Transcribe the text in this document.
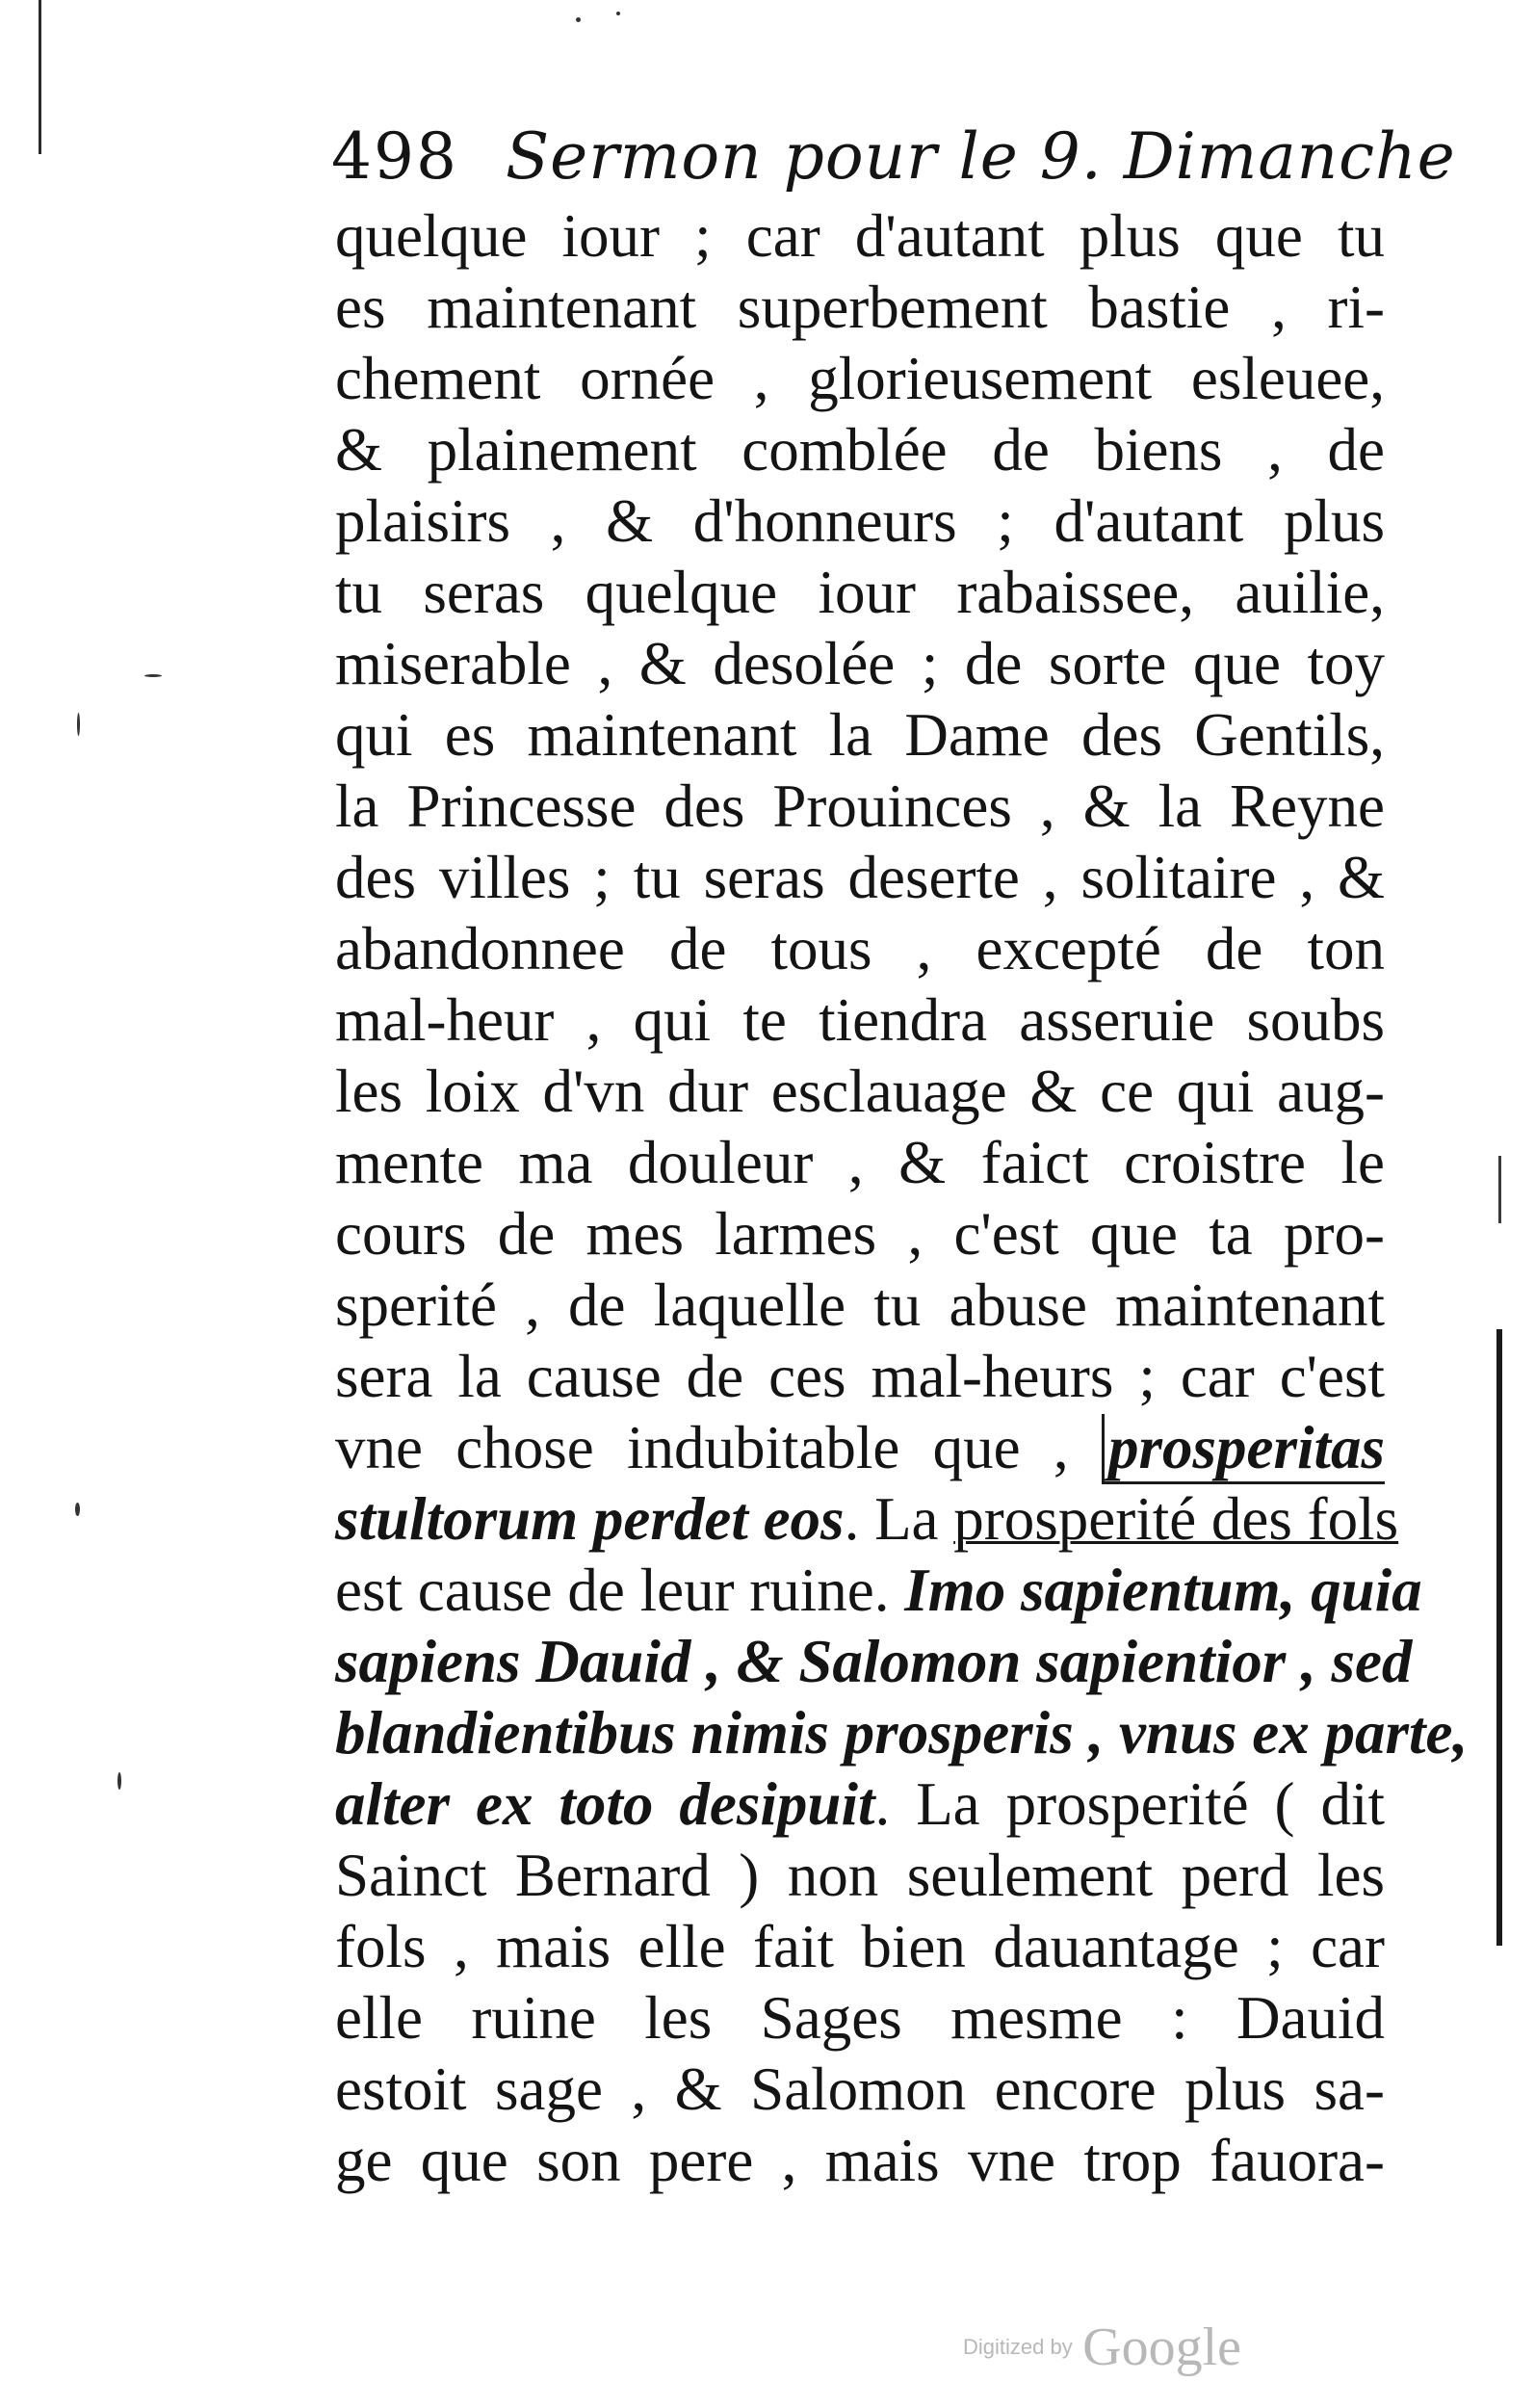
498 Sermon pour le 9. Dimanche
quelque iour ; car d'autant plus que tu
es maintenant superbement bastie , ri-
chement ornée , glorieusement esleuee,
& plainement comblée de biens , de
plaisirs , & d'honneurs ; d'autant plus
tu seras quelque iour rabaissee, auilie,
miserable , & desolée ; de sorte que toy
qui es maintenant la Dame des Gentils,
la Princesse des Prouinces , & la Reyne
des villes ; tu seras deserte , solitaire , &
abandonnee de tous , excepté de ton
mal-heur , qui te tiendra asseruie soubs
les loix d'vn dur esclauage & ce qui aug-
mente ma douleur , & faict croistre le
cours de mes larmes , c'est que ta pro-
sperité , de laquelle tu abuse maintenant
sera la cause de ces mal-heurs ; car c'est
vne chose indubitable que , prosperitas
stultorum perdet eos. La prosperité des fols
est cause de leur ruine. Imo sapientum, quia
sapiens Dauid , & Salomon sapientior , sed
blandientibus nimis prosperis , vnus ex parte,
alter ex toto desipuit. La prosperité ( dit
Sainct Bernard ) non seulement perd les
fols , mais elle fait bien dauantage ; car
elle ruine les Sages mesme : Dauid
estoit sage , & Salomon encore plus sa-
ge que son pere , mais vne trop fauora-
Digitized by Google
